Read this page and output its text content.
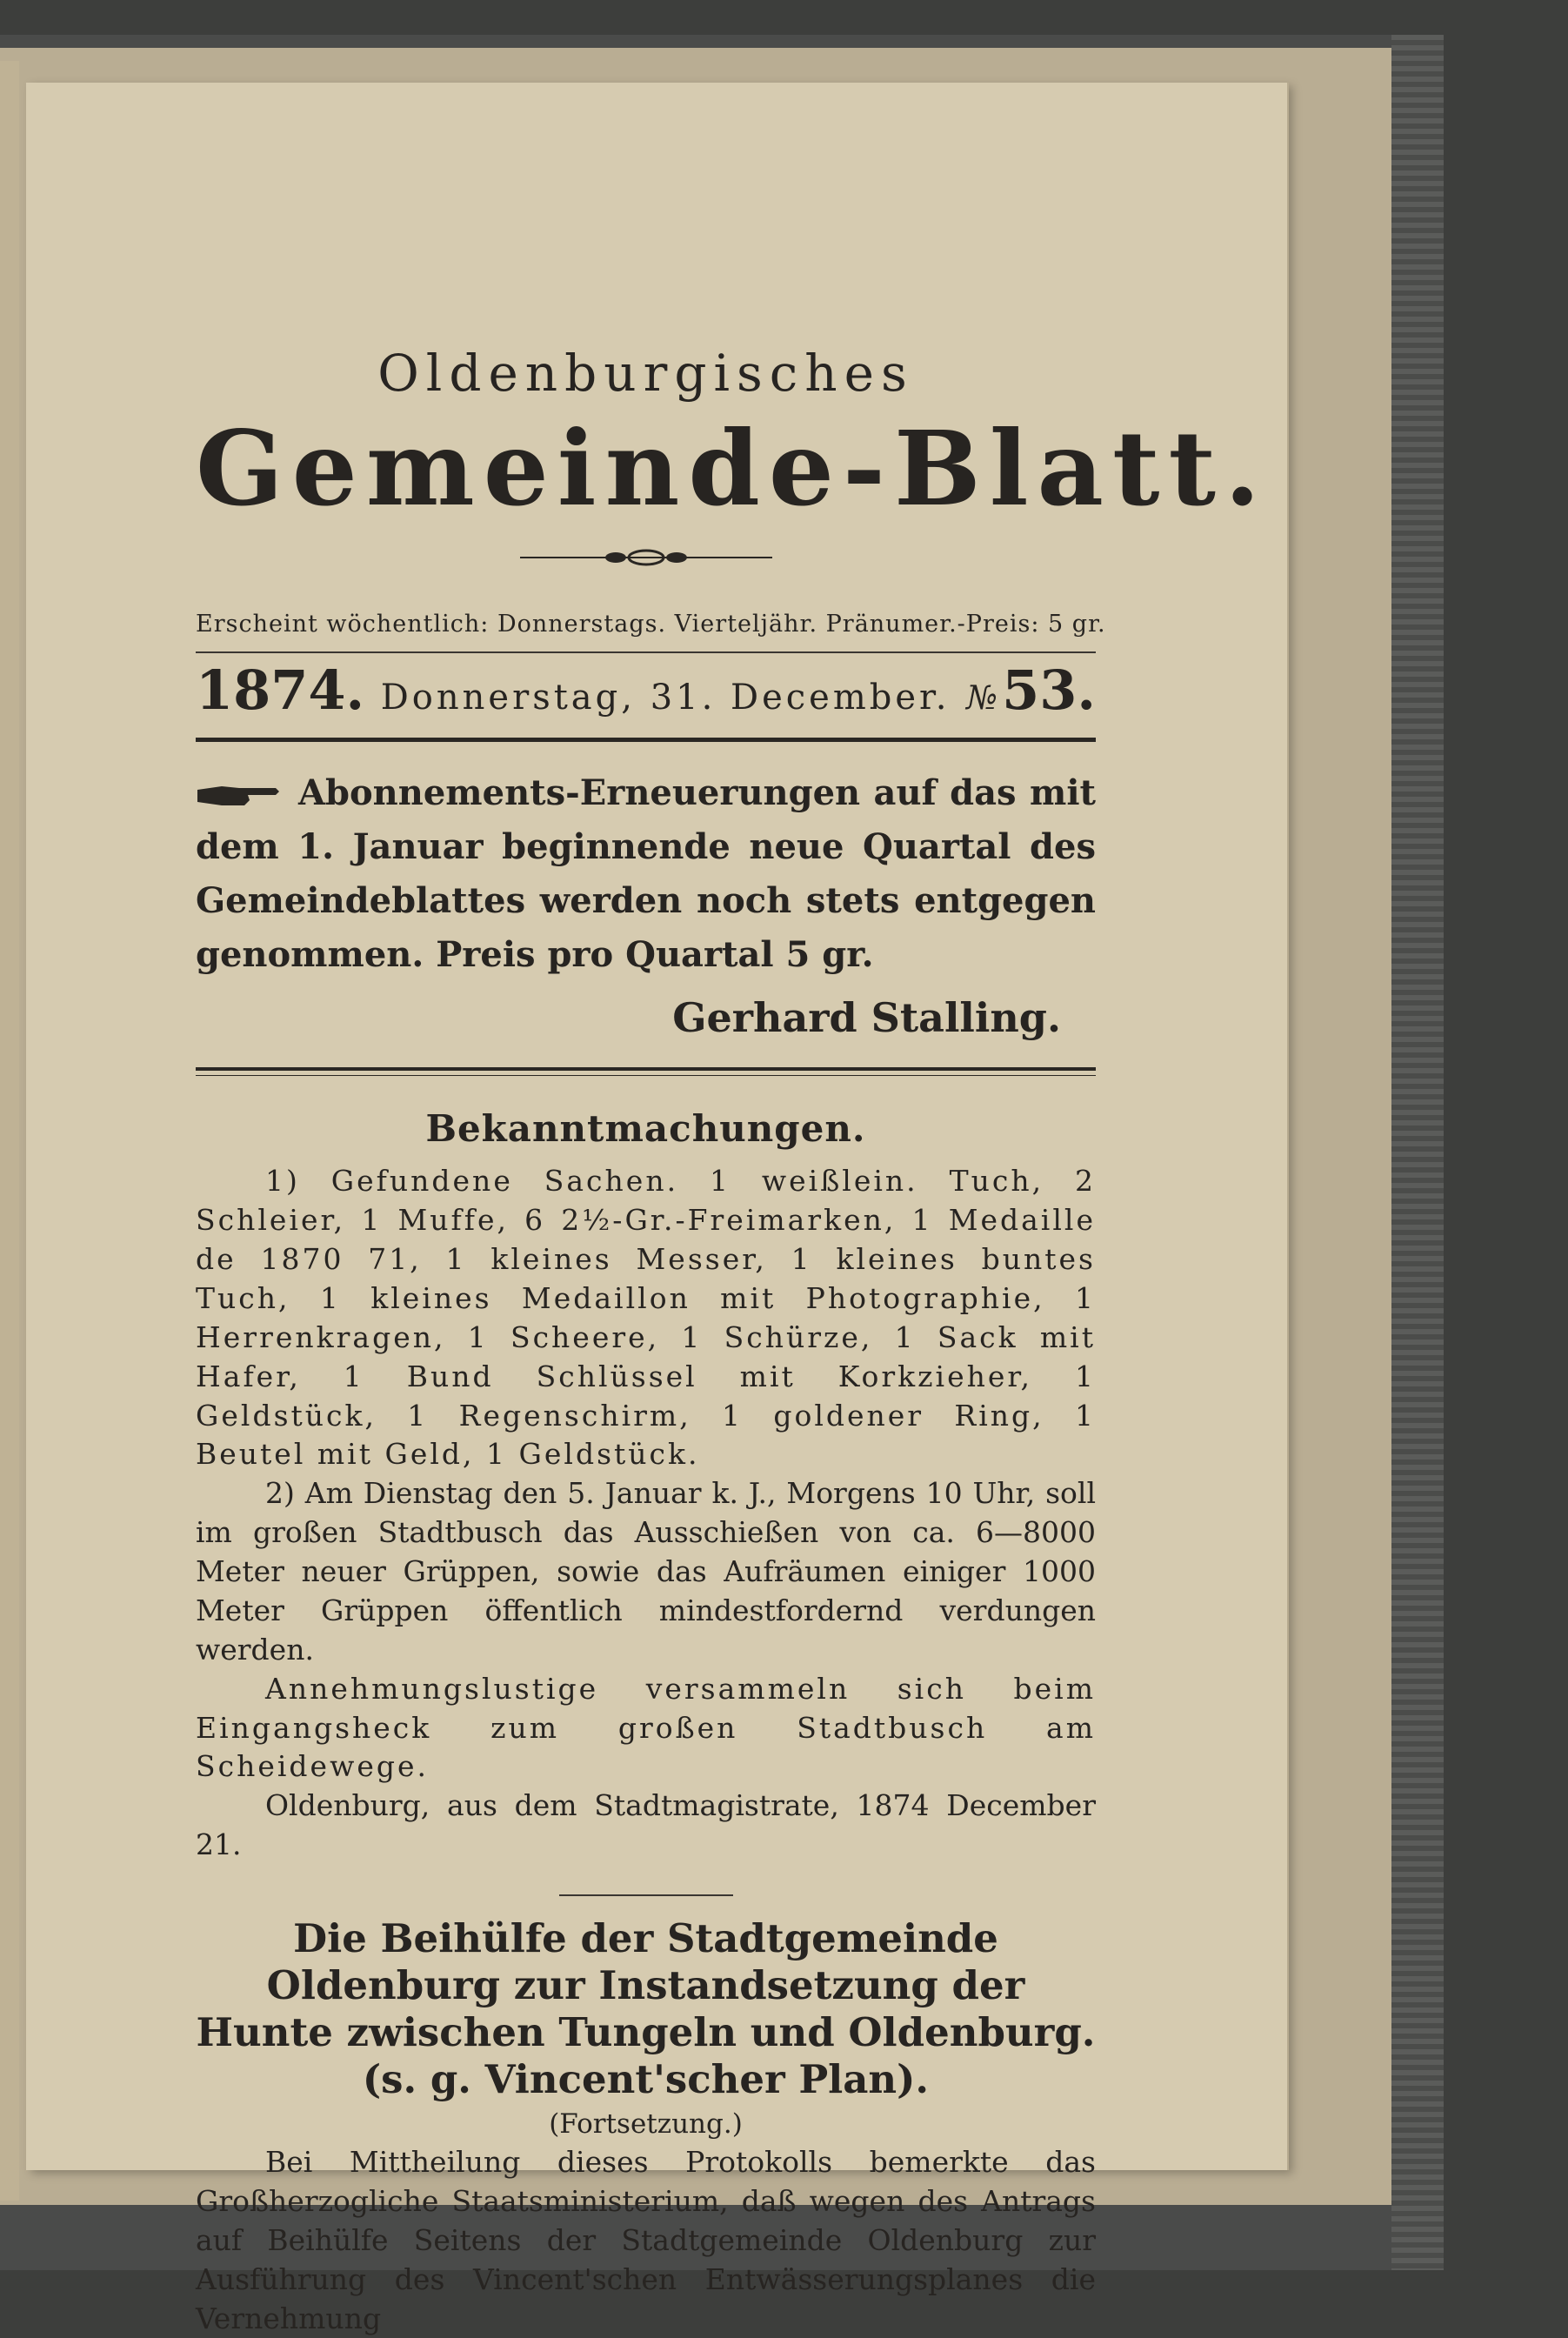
Oldenburgisches
Gemeinde-Blatt.
Erscheint wöchentlich: Donnerstags. Vierteljähr. Pränumer.-Preis: 5 gr.
1874. Donnerstag, 31. December. № 53.
Abonnements-Erneuerungen auf das mit dem 1. Januar beginnende neue Quartal des Gemeindeblattes werden noch stets entgegen genommen. Preis pro Quartal 5 gr.
Gerhard Stalling.
Bekanntmachungen.

1) Gefundene Sachen. 1 weißlein. Tuch, 2 Schleier, 1 Muffe, 6 2½-Gr.-Freimarken, 1 Medaille de 1870 71, 1 kleines Messer, 1 kleines buntes Tuch, 1 kleines Medaillon mit Photographie, 1 Herrenkragen, 1 Scheere, 1 Schürze, 1 Sack mit Hafer, 1 Bund Schlüssel mit Korkzieher, 1 Geldstück, 1 Regenschirm, 1 goldener Ring, 1 Beutel mit Geld, 1 Geldstück.

2) Am Dienstag den 5. Januar k. J., Morgens 10 Uhr, soll im großen Stadtbusch das Ausschießen von ca. 6—8000 Meter neuer Grüppen, sowie das Aufräumen einiger 1000 Meter Grüppen öffentlich mindestfordernd verdungen werden.

Annehmungslustige versammeln sich beim Eingangsheck zum großen Stadtbusch am Scheidewege.

Oldenburg, aus dem Stadtmagistrate, 1874 December 21.

Die Beihülfe der Stadtgemeinde Oldenburg zur Instandsetzung der Hunte zwischen Tungeln und Oldenburg. (s. g. Vincent'scher Plan).
(Fortsetzung.)

Bei Mittheilung dieses Protokolls bemerkte das Großherzogliche Staatsministerium, daß wegen des Antrags auf Beihülfe Seitens der Stadtgemeinde Oldenburg zur Ausführung des Vincent'schen Entwässerungsplanes die Vernehmung
